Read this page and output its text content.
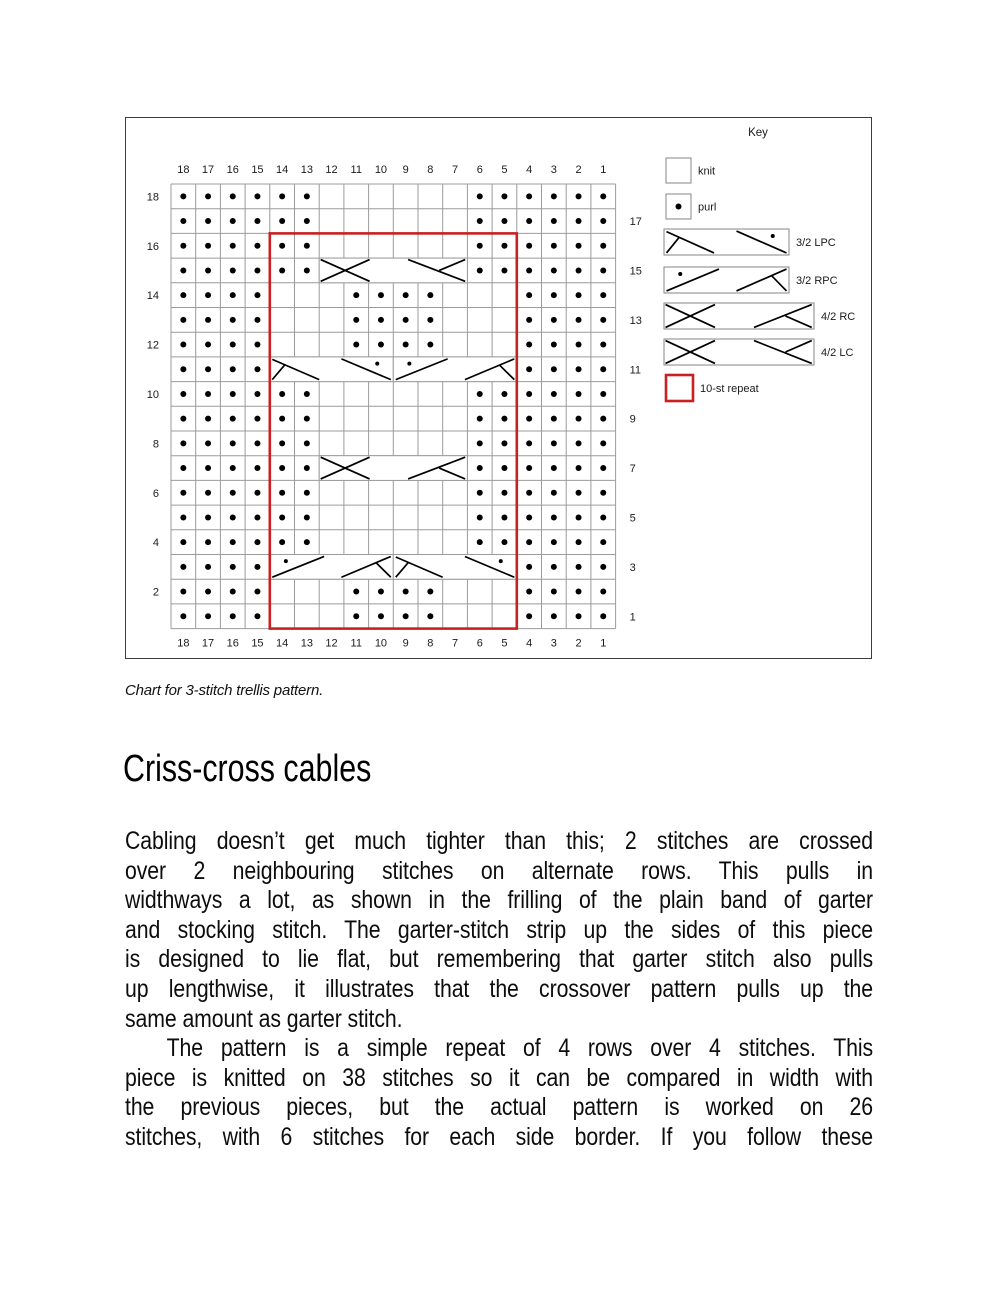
18 17 16 15 14 13 12 11 10 9 8 7 6 5 4 3 2 1
18 17 16 15 14 13 12 11 10 9 8 7 6 5 4 3 2 1
18
16
14
12
10
8
6
4
2
17
15
13
11
9
7
5
3
1
Key
knit
purl
3/2 LPC
3/2 RPC
4/2 RC
4/2 LC
10-st repeat
Chart for 3-stitch trellis pattern.
Criss-cross cables
Cabling doesn’t get much tighter than this; 2 stitches are crossed
over 2 neighbouring stitches on alternate rows. This pulls in
widthways a lot, as shown in the frilling of the plain band of garter
and stocking stitch. The garter-stitch strip up the sides of this piece
is designed to lie flat, but remembering that garter stitch also pulls
up lengthwise, it illustrates that the crossover pattern pulls up the
same amount as garter stitch.
The pattern is a simple repeat of 4 rows over 4 stitches. This
piece is knitted on 38 stitches so it can be compared in width with
the previous pieces, but the actual pattern is worked on 26
stitches, with 6 stitches for each side border. If you follow these
